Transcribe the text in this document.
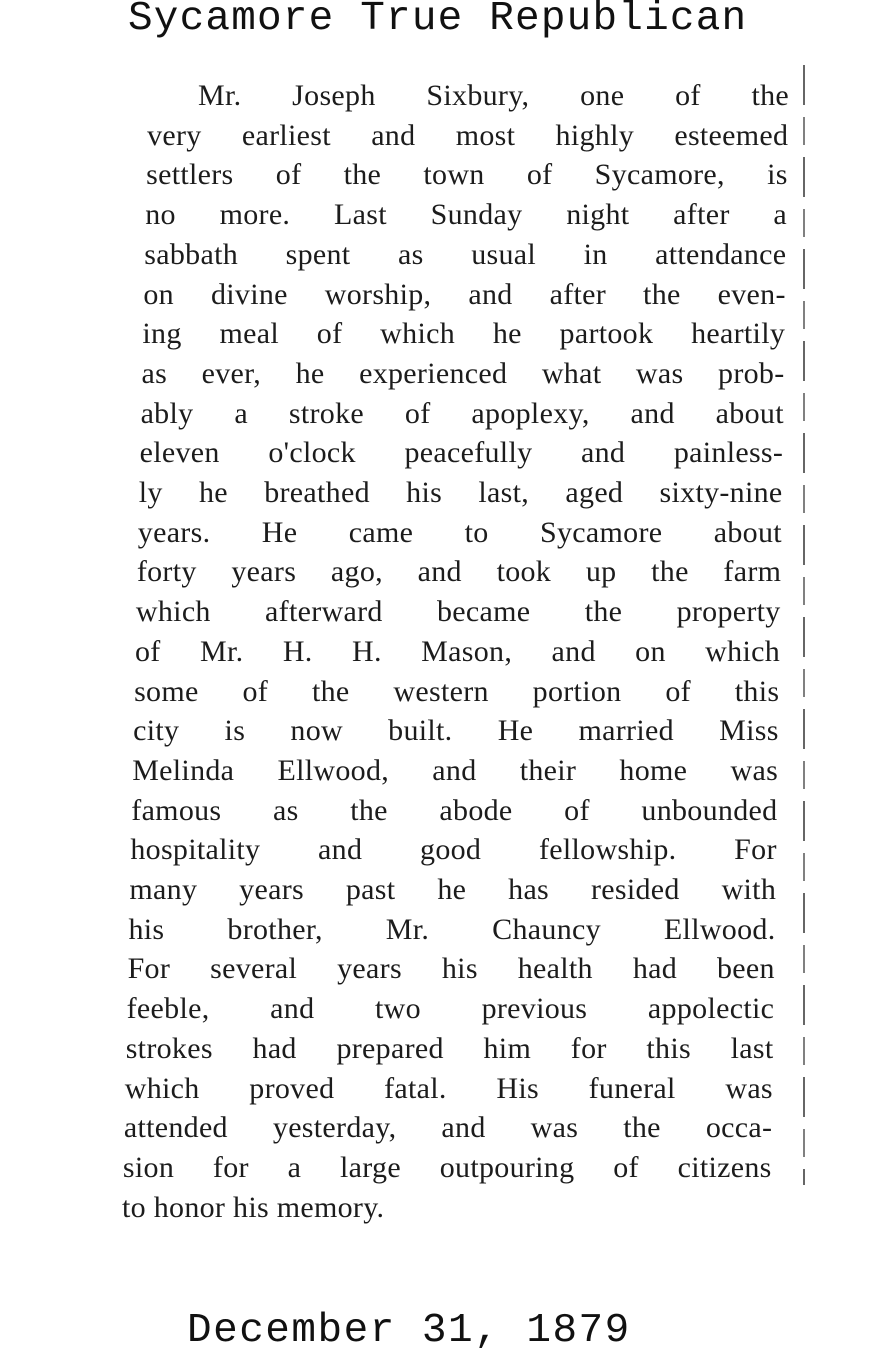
Sycamore True Republican
Mr. Joseph Sixbury, one of the
very earliest and most highly esteemed
settlers of the town of Sycamore, is
no more. Last Sunday night after a
sabbath spent as usual in attendance
on divine worship, and after the even-
ing meal of which he partook heartily
as ever, he experienced what was prob-
ably a stroke of apoplexy, and about
eleven o'clock peacefully and painless-
ly he breathed his last, aged sixty-nine
years. He came to Sycamore about
forty years ago, and took up the farm
which afterward became the property
of Mr. H. H. Mason, and on which
some of the western portion of this
city is now built. He married Miss
Melinda Ellwood, and their home was
famous as the abode of unbounded
hospitality and good fellowship. For
many years past he has resided with
his brother, Mr. Chauncy Ellwood.
For several years his health had been
feeble, and two previous appolectic
strokes had prepared him for this last
which proved fatal. His funeral was
attended yesterday, and was the occa-
sion for a large outpouring of citizens
to honor his memory.
December 31, 1879
